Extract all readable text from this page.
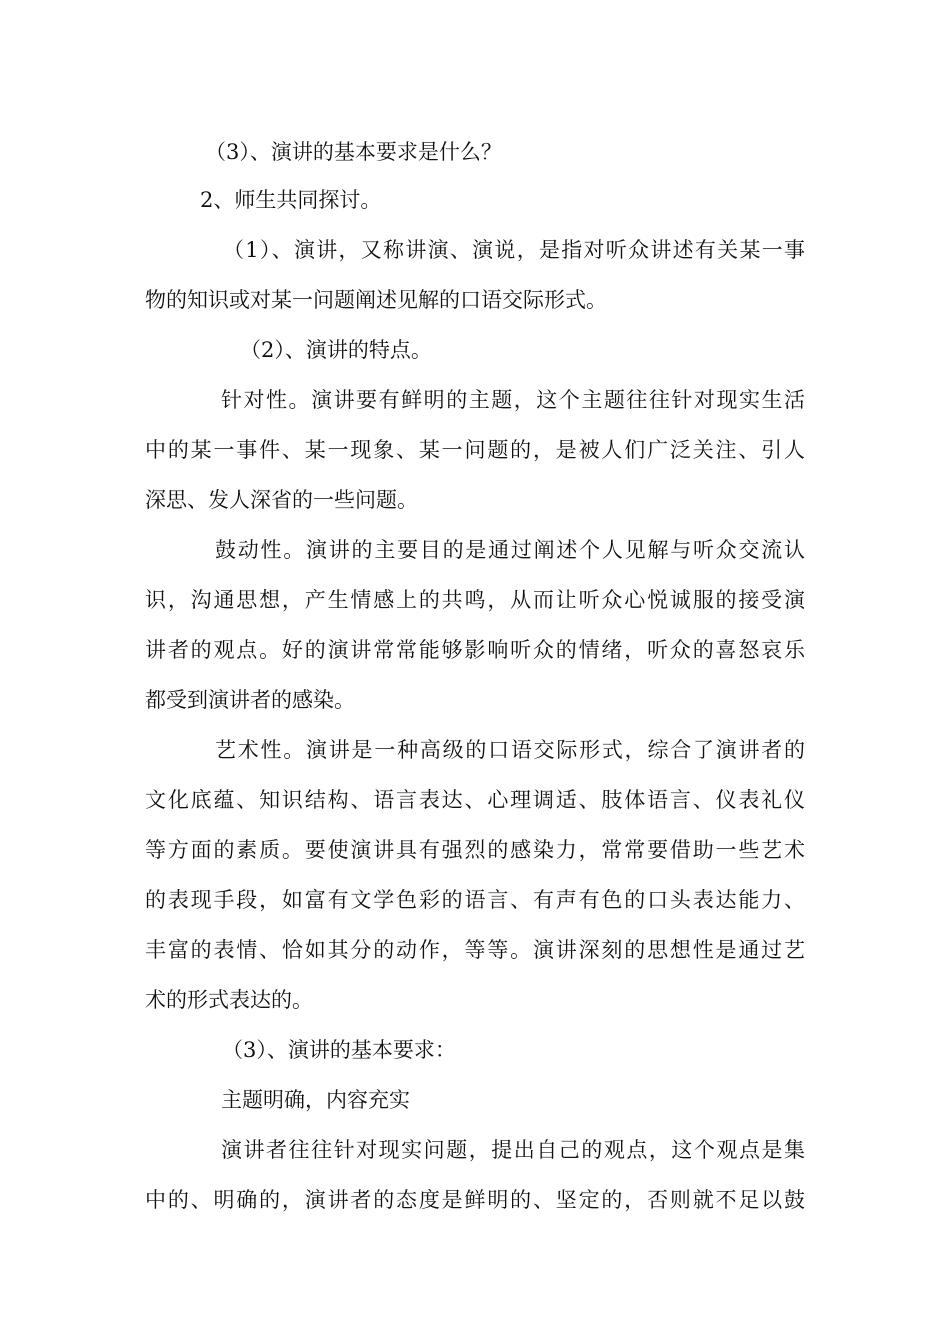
（3）、演讲的基本要求是什么？
2、师生共同探讨。
（1）、演讲，又称讲演、演说，是指对听众讲述有关某一事
物的知识或对某一问题阐述见解的口语交际形式。
（2）、演讲的特点。
针对性。演讲要有鲜明的主题，这个主题往往针对现实生活
中的某一事件、某一现象、某一问题的，是被人们广泛关注、引人
深思、发人深省的一些问题。
鼓动性。演讲的主要目的是通过阐述个人见解与听众交流认
识，沟通思想，产生情感上的共鸣，从而让听众心悦诚服的接受演
讲者的观点。好的演讲常常能够影响听众的情绪，听众的喜怒哀乐
都受到演讲者的感染。
艺术性。演讲是一种高级的口语交际形式，综合了演讲者的
文化底蕴、知识结构、语言表达、心理调适、肢体语言、仪表礼仪
等方面的素质。要使演讲具有强烈的感染力，常常要借助一些艺术
的表现手段，如富有文学色彩的语言、有声有色的口头表达能力、
丰富的表情、恰如其分的动作，等等。演讲深刻的思想性是通过艺
术的形式表达的。
（3）、演讲的基本要求：
主题明确，内容充实
演讲者往往针对现实问题，提出自己的观点，这个观点是集
中的、明确的，演讲者的态度是鲜明的、坚定的，否则就不足以鼓
